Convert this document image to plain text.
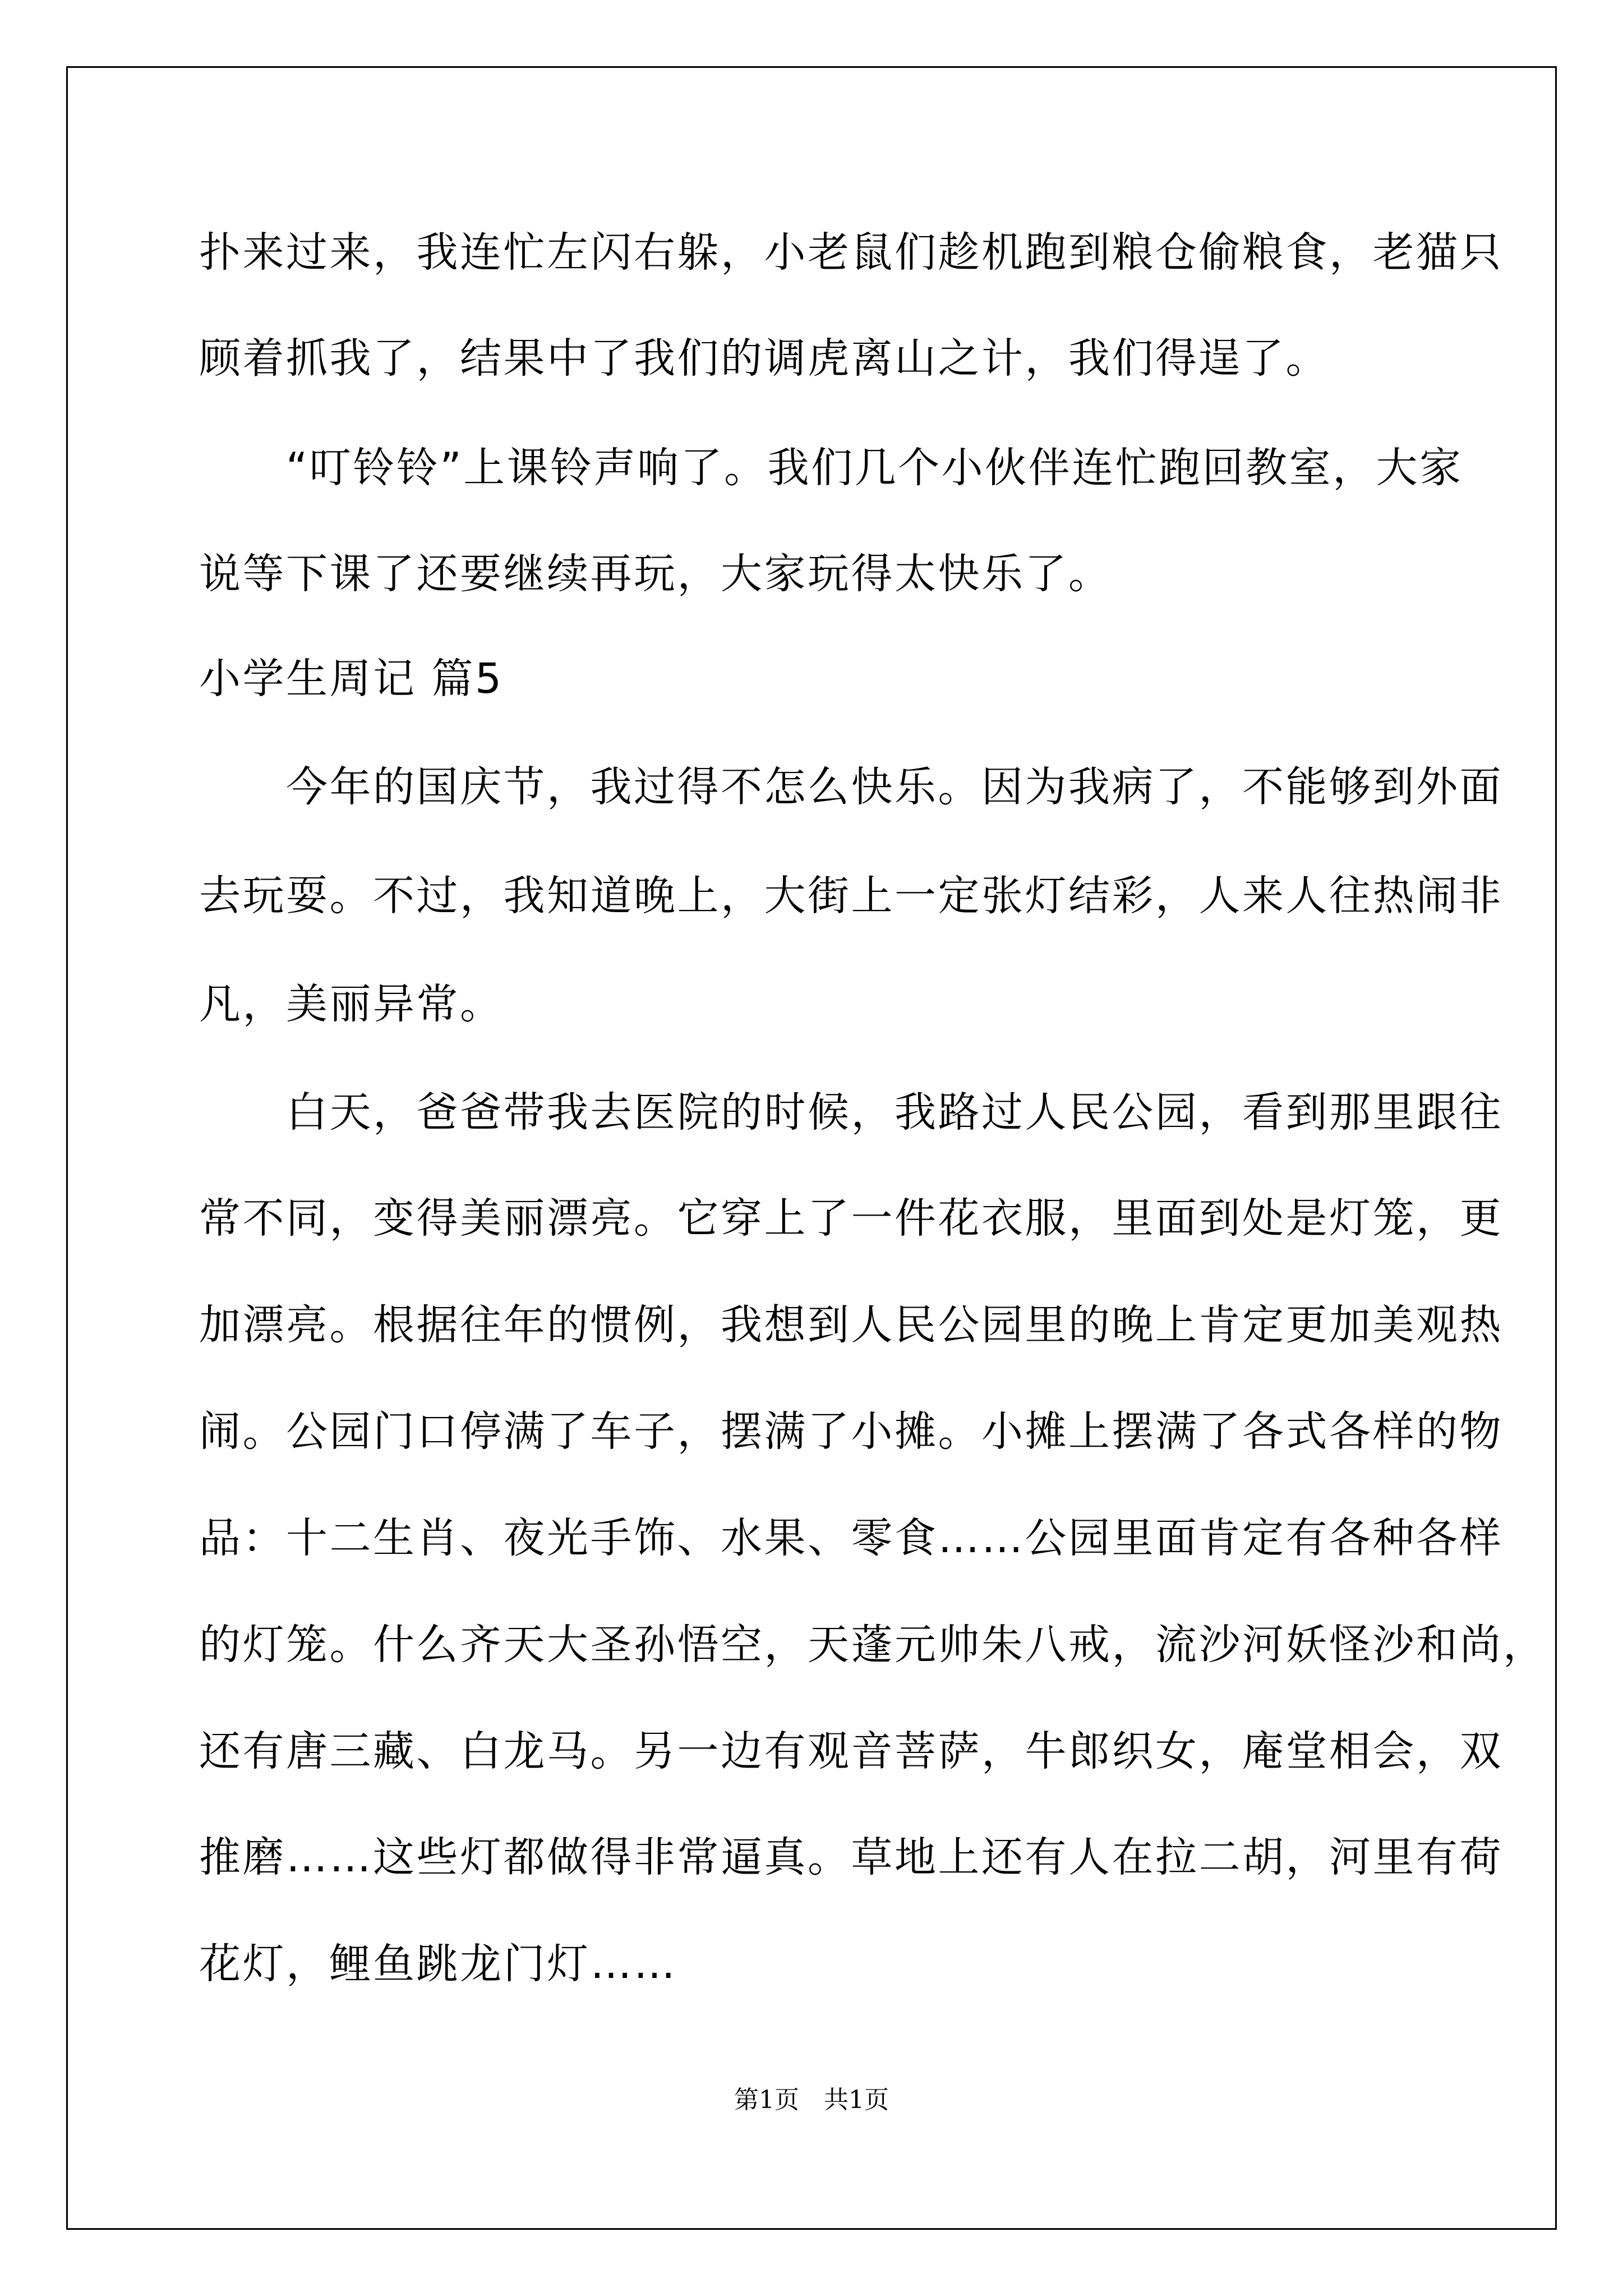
扑来过来，我连忙左闪右躲，小老鼠们趁机跑到粮仓偷粮食，老猫只
顾着抓我了，结果中了我们的调虎离山之计，我们得逞了。
　　“叮铃铃”上课铃声响了。我们几个小伙伴连忙跑回教室，大家
说等下课了还要继续再玩，大家玩得太快乐了。
小学生周记 篇5
　　今年的国庆节，我过得不怎么快乐。因为我病了，不能够到外面
去玩耍。不过，我知道晚上，大街上一定张灯结彩，人来人往热闹非
凡，美丽异常。
　　白天，爸爸带我去医院的时候，我路过人民公园，看到那里跟往
常不同，变得美丽漂亮。它穿上了一件花衣服，里面到处是灯笼，更
加漂亮。根据往年的惯例，我想到人民公园里的晚上肯定更加美观热
闹。公园门口停满了车子，摆满了小摊。小摊上摆满了各式各样的物
品：十二生肖、夜光手饰、水果、零食……公园里面肯定有各种各样
的灯笼。什么齐天大圣孙悟空，天蓬元帅朱八戒，流沙河妖怪沙和尚，
还有唐三藏、白龙马。另一边有观音菩萨，牛郎织女，庵堂相会，双
推磨……这些灯都做得非常逼真。草地上还有人在拉二胡，河里有荷
花灯，鲤鱼跳龙门灯……
第1页　共1页
